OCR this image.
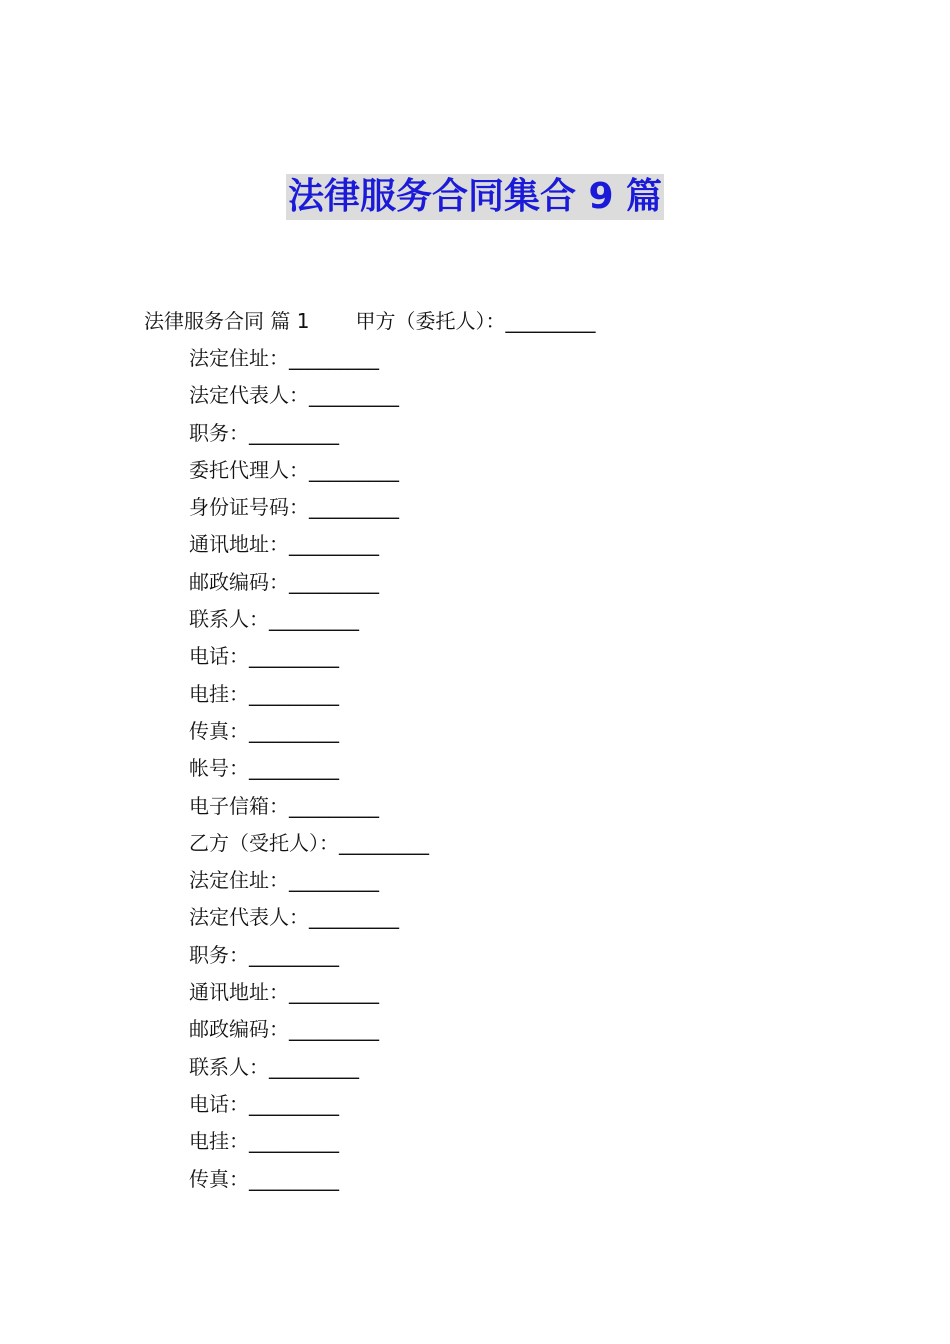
法律服务合同集合 9 篇
法律服务合同 篇 1 甲方（委托人）：_________
法定住址：_________
法定代表人：_________
职务：_________
委托代理人：_________
身份证号码：_________
通讯地址：_________
邮政编码：_________
联系人：_________
电话：_________
电挂：_________
传真：_________
帐号：_________
电子信箱：_________
乙方（受托人）：_________
法定住址：_________
法定代表人：_________
职务：_________
通讯地址：_________
邮政编码：_________
联系人：_________
电话：_________
电挂：_________
传真：_________
